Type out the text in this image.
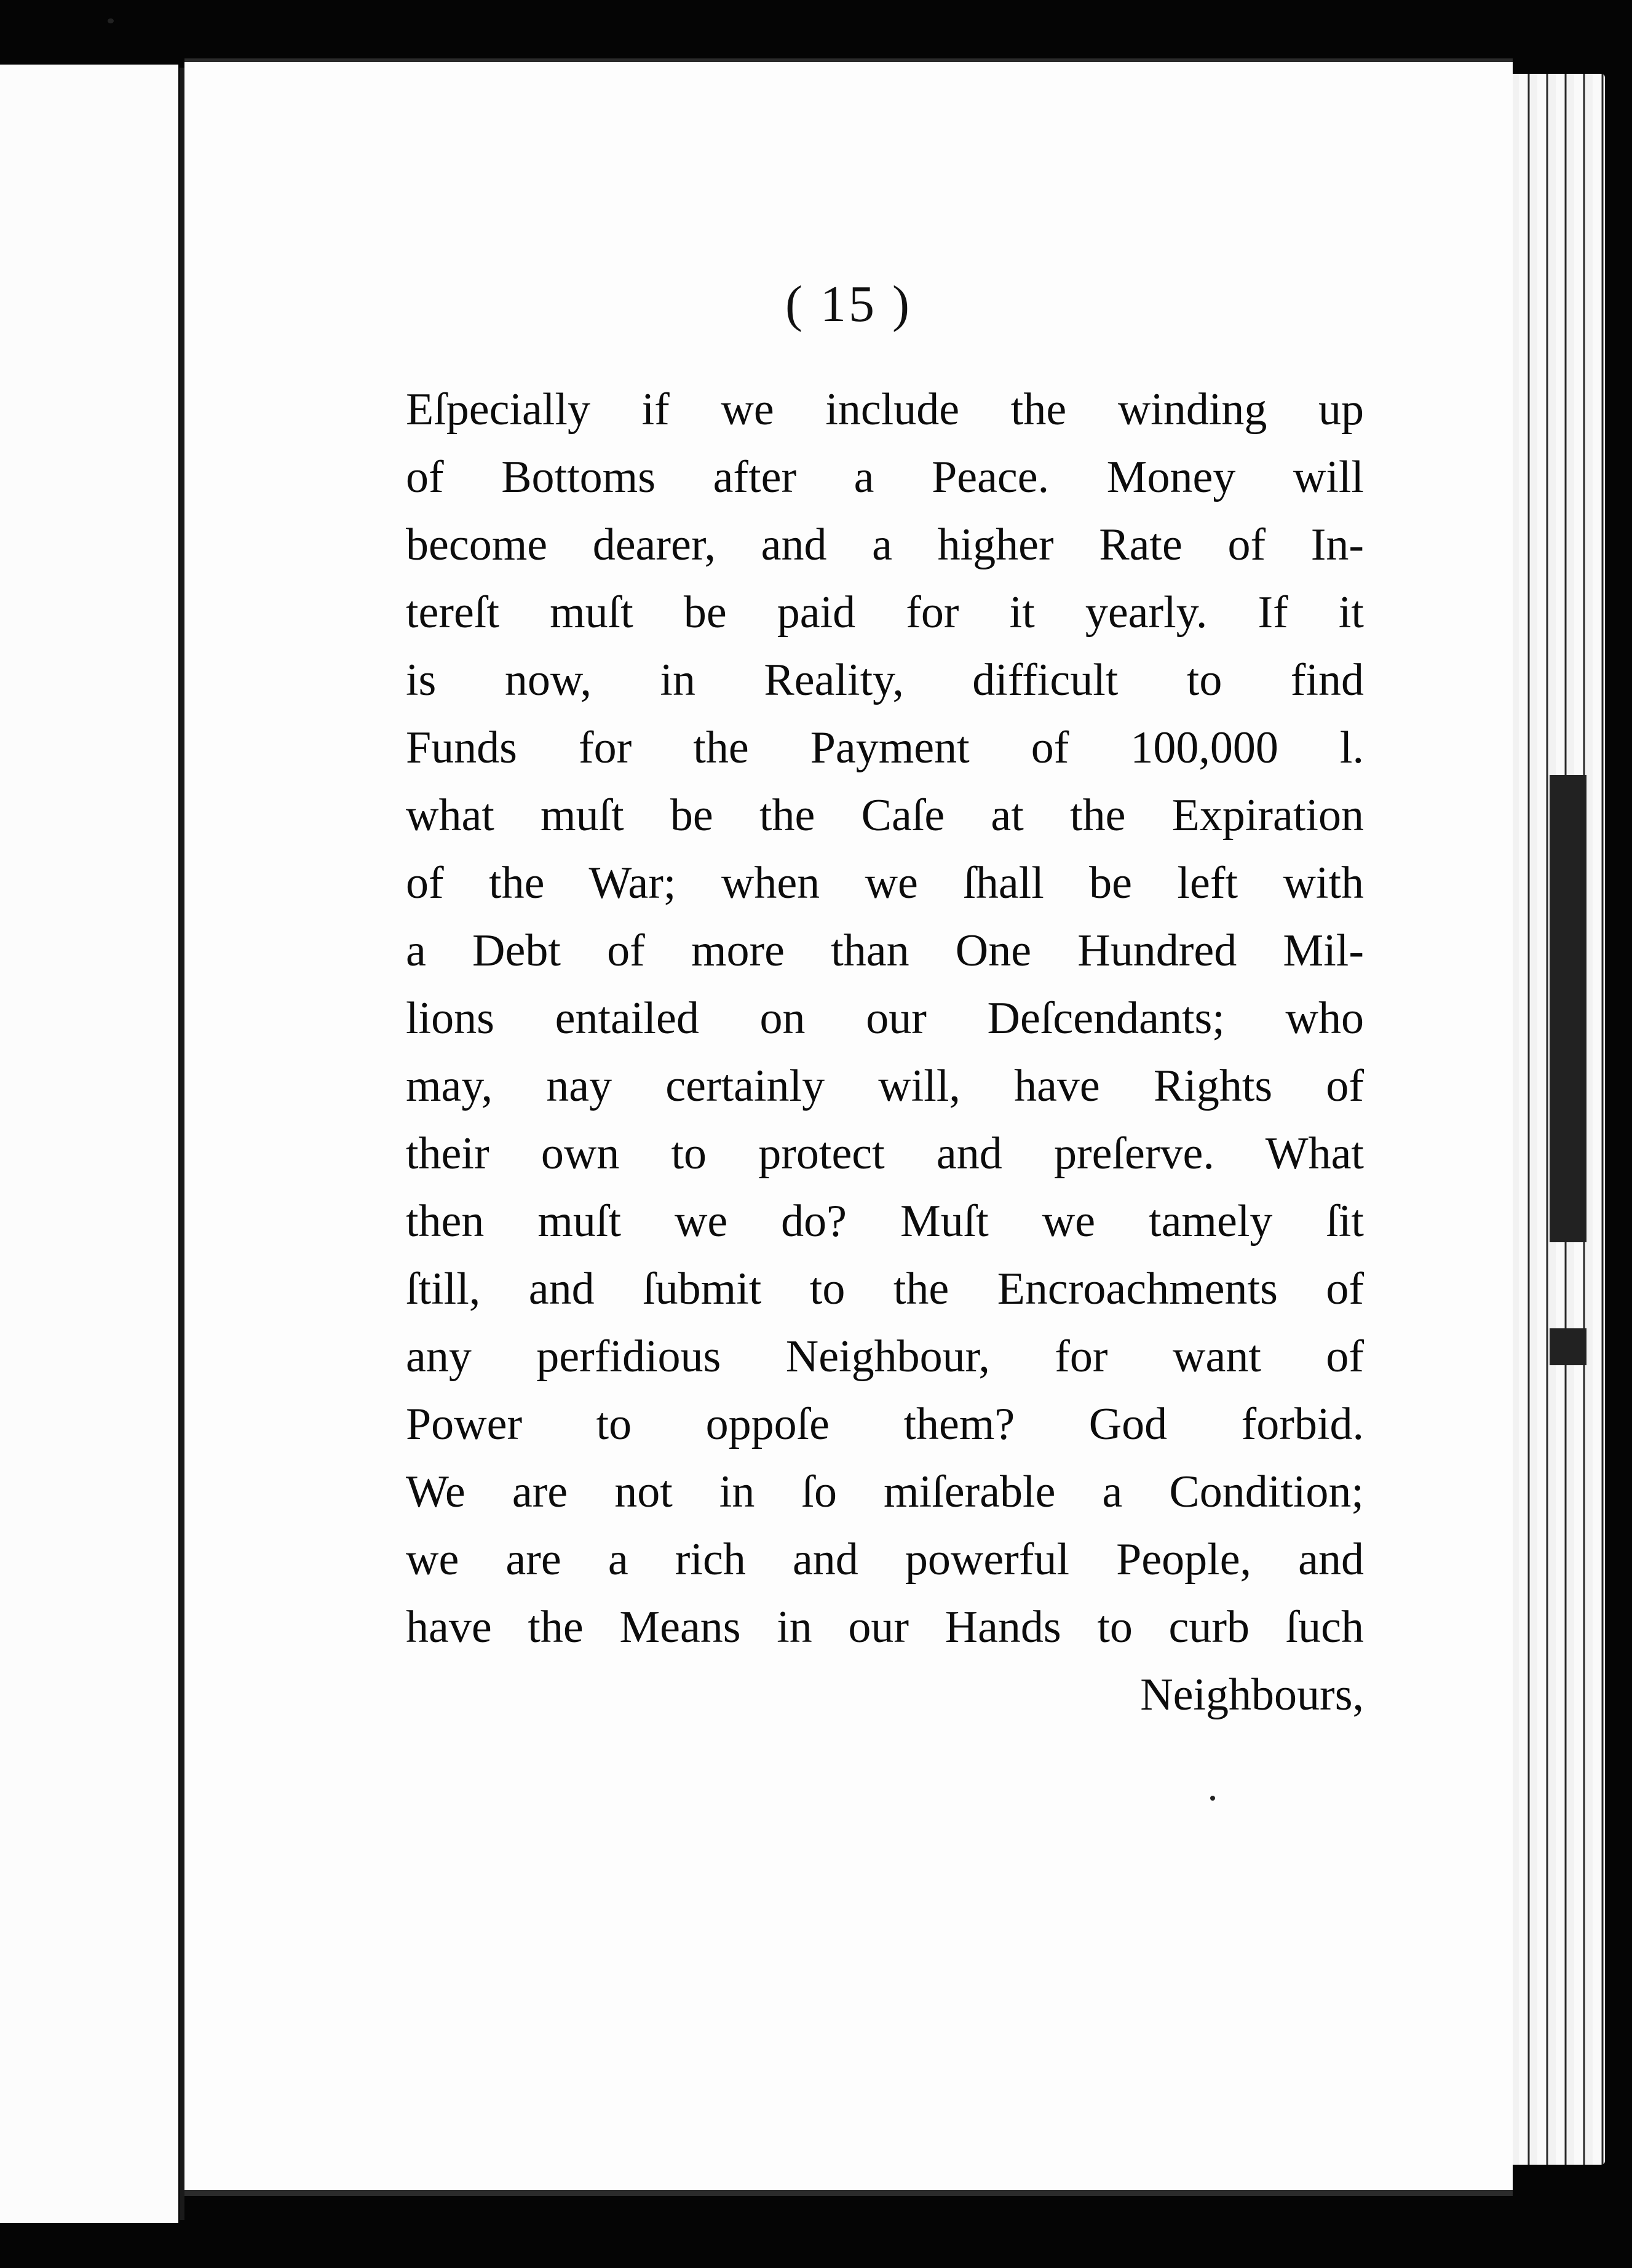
( 15 )
Eſpecially if we include the winding up
of Bottoms after a Peace. Money will
become dearer, and a higher Rate of In-
tereſt muſt be paid for it yearly. If it
is now, in Reality, difficult to find
Funds for the Payment of 100,000 l.
what muſt be the Caſe at the Expiration
of the War; when we ſhall be left with
a Debt of more than One Hundred Mil-
lions entailed on our Deſcendants; who
may, nay certainly will, have Rights of
their own to protect and preſerve. What
then muſt we do? Muſt we tamely ſit
ſtill, and ſubmit to the Encroachments of
any perfidious Neighbour, for want of
Power to oppoſe them? God forbid.
We are not in ſo miſerable a Condition;
we are a rich and powerful People, and
have the Means in our Hands to curb ſuch
Neighbours,
